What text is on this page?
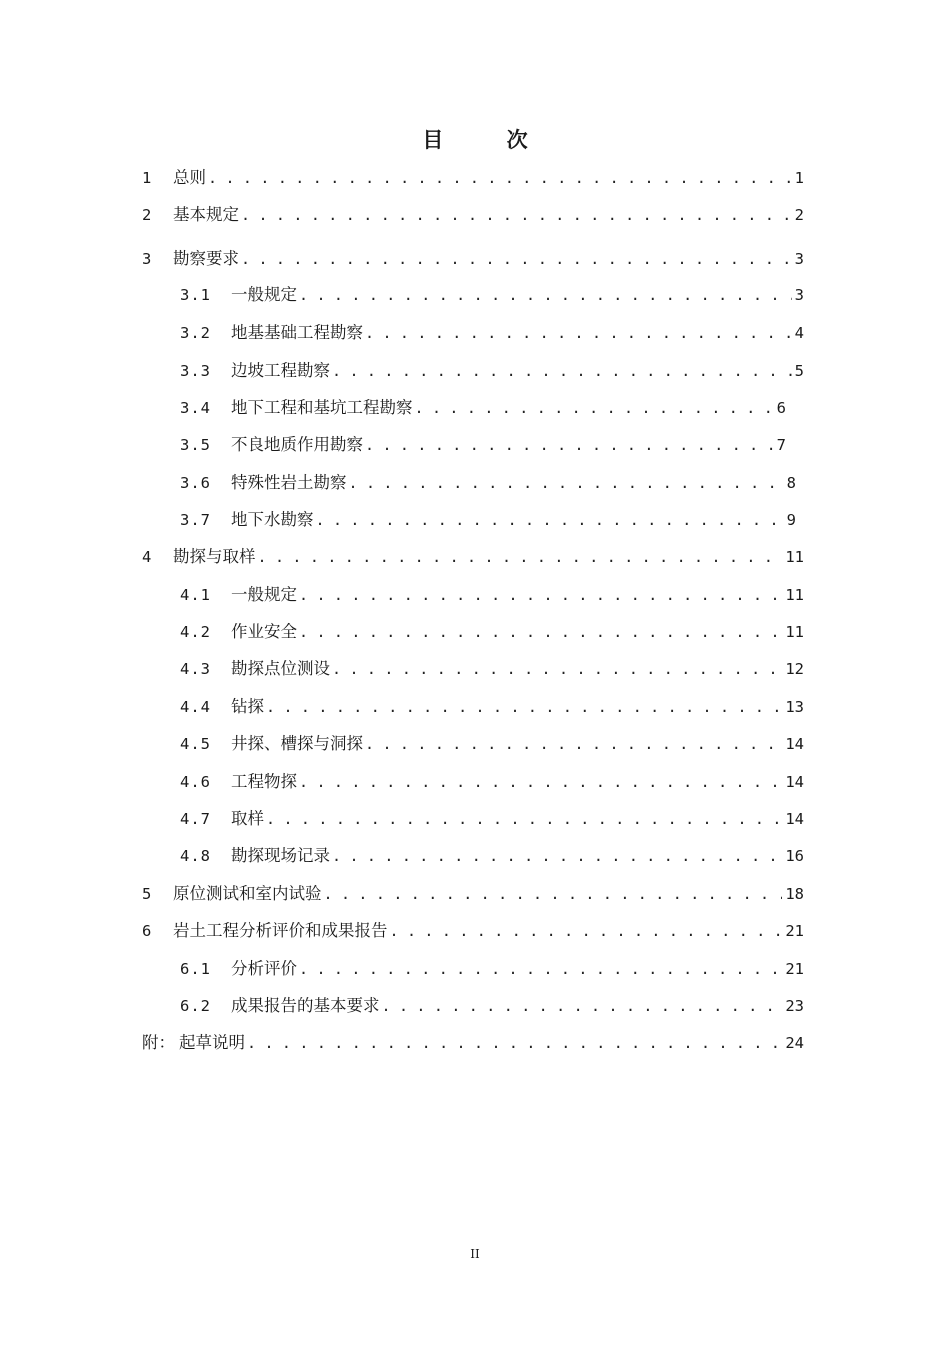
目 次
1	总则 . . .	1
2	基本规定 . . .	2
3	勘察要求 . . .	3
3.1	一般规定 . . .	3
3.2	地基基础工程勘察 . . .	4
3.3	边坡工程勘察 . . .	5
3.4	地下工程和基坑工程勘察 . . .	6
3.5	不良地质作用勘察 . . .	7
3.6	特殊性岩土勘察 . . .	8
3.7	地下水勘察 . . .	9
4	勘探与取样 . . .	11
4.1	一般规定 . . .	11
4.2	作业安全 . . .	11
4.3	勘探点位测设 . . .	12
4.4	钻探 . . .	13
4.5	井探、槽探与洞探 . . .	14
4.6	工程物探 . . .	14
4.7	取样 . . .	14
4.8	勘探现场记录 . . .	16
5	原位测试和室内试验 . . .	18
6	岩土工程分析评价和成果报告 . . .	21
6.1	分析评价 . . .	21
6.2	成果报告的基本要求 . . .	23
附： 起草说明 . . .	24
II
